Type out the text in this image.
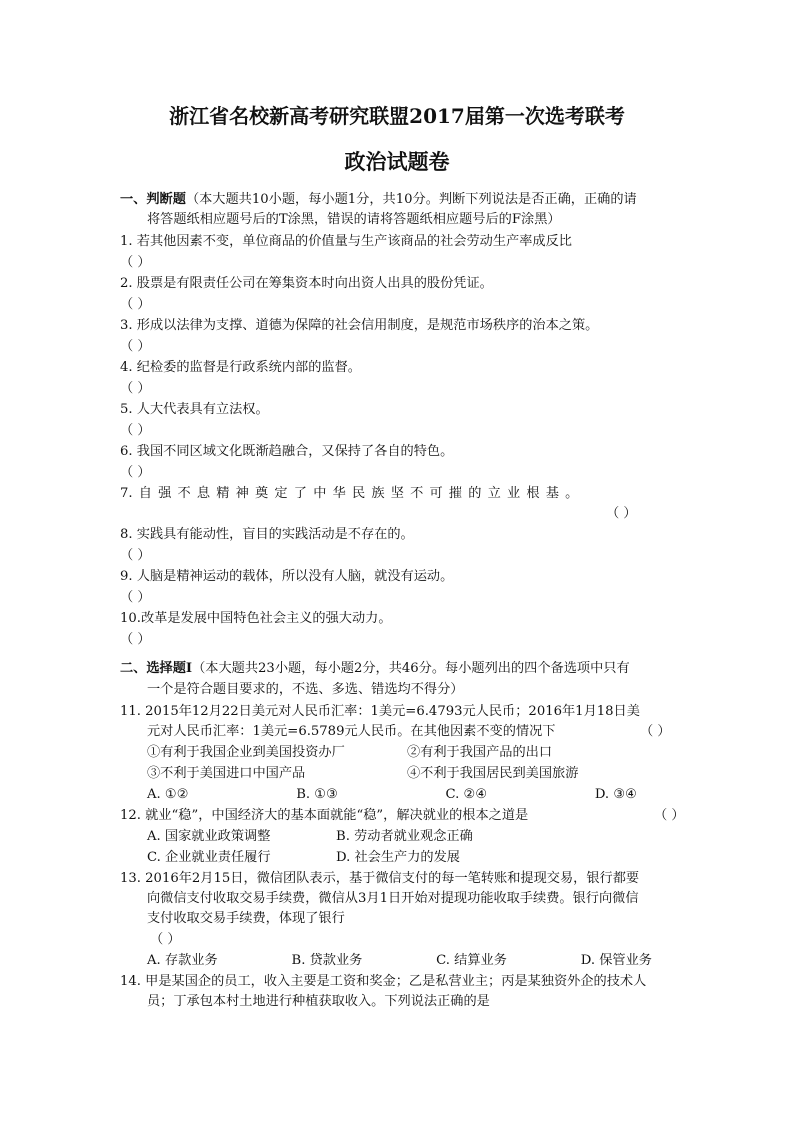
浙江省名校新高考研究联盟2017届第一次选考联考
政治试题卷
一、判断题（本大题共10小题，每小题1分，共10分。判断下列说法是否正确，正确的请
将答题纸相应题号后的T涂黑，错误的请将答题纸相应题号后的F涂黑）
1. 若其他因素不变，单位商品的价值量与生产该商品的社会劳动生产率成反比
（ ）
2. 股票是有限责任公司在筹集资本时向出资人出具的股份凭证。
（ ）
3. 形成以法律为支撑、道德为保障的社会信用制度，是规范市场秩序的治本之策。
（ ）
4. 纪检委的监督是行政系统内部的监督。
（ ）
5. 人大代表具有立法权。
（ ）
6. 我国不同区域文化既渐趋融合，又保持了各自的特色。
（ ）
7. 自 强 不 息 精 神 奠 定 了 中 华 民 族 坚 不 可 摧 的 立 业 根 基 。
（ ）
8. 实践具有能动性，盲目的实践活动是不存在的。
（ ）
9. 人脑是精神运动的载体，所以没有人脑，就没有运动。
（ ）
10.改革是发展中国特色社会主义的强大动力。
（ ）
二、选择题Ⅰ（本大题共23小题，每小题2分，共46分。每小题列出的四个备选项中只有
一个是符合题目要求的，不选、多选、错选均不得分）
11. 2015年12月22日美元对人民币汇率：1美元=6.4793元人民币；2016年1月18日美
元对人民币汇率：1美元=6.5789元人民币。在其他因素不变的情况下	（ ）
①有利于我国企业到美国投资办厂	②有利于我国产品的出口
③不利于美国进口中国产品	④不利于我国居民到美国旅游
A. ①②	B. ①③	C. ②④	D. ③④
12. 就业“稳”，中国经济大的基本面就能“稳”，解决就业的根本之道是	（ ）
A. 国家就业政策调整	B. 劳动者就业观念正确
C. 企业就业责任履行	D. 社会生产力的发展
13. 2016年2月15日，微信团队表示，基于微信支付的每一笔转账和提现交易，银行都要
向微信支付收取交易手续费，微信从3月1日开始对提现功能收取手续费。银行向微信
支付收取交易手续费，体现了银行
（ ）
A. 存款业务	B. 贷款业务	C. 结算业务	D. 保管业务
14. 甲是某国企的员工，收入主要是工资和奖金；乙是私营业主；丙是某独资外企的技术人
员；丁承包本村土地进行种植获取收入。下列说法正确的是
